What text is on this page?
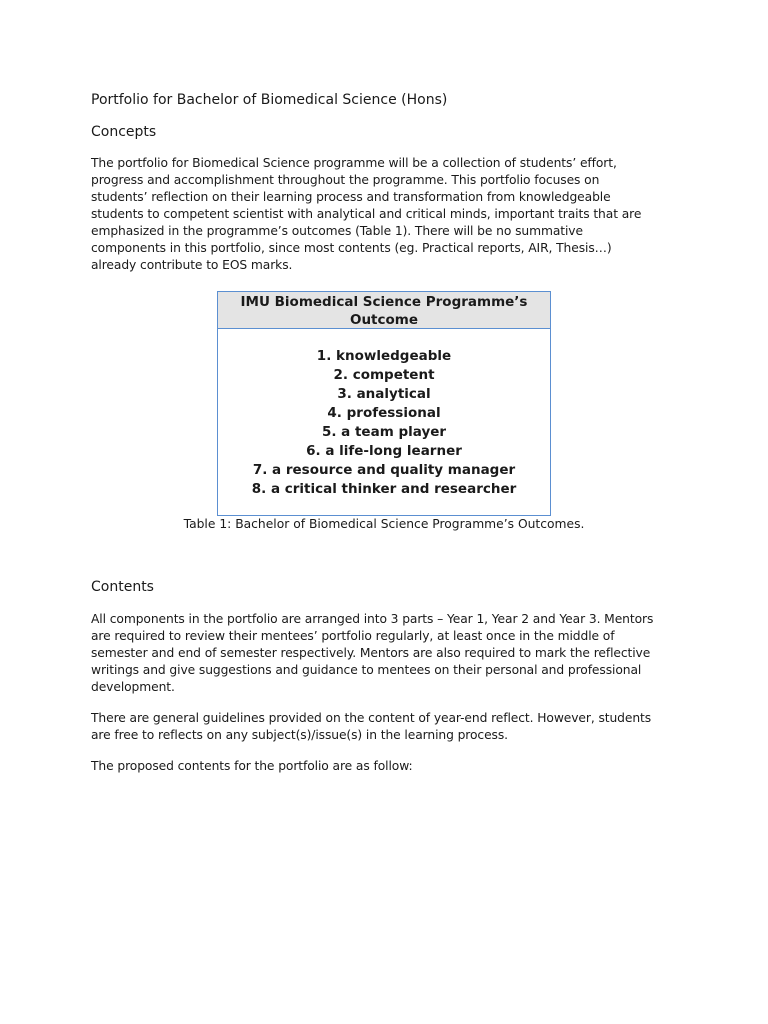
Portfolio for Bachelor of Biomedical Science (Hons)

Concepts

The portfolio for Biomedical Science programme will be a collection of students’ effort,
progress and accomplishment throughout the programme. This portfolio focuses on
students’ reflection on their learning process and transformation from knowledgeable
students to competent scientist with analytical and critical minds, important traits that are
emphasized in the programme’s outcomes (Table 1). There will be no summative
components in this portfolio, since most contents (eg. Practical reports, AIR, Thesis…)
already contribute to EOS marks.

IMU Biomedical Science Programme’s
Outcome
1. knowledgeable
2. competent
3. analytical
4. professional
5. a team player
6. a life-long learner
7. a resource and quality manager
8. a critical thinker and researcher

Table 1: Bachelor of Biomedical Science Programme’s Outcomes.

Contents

All components in the portfolio are arranged into 3 parts – Year 1, Year 2 and Year 3. Mentors
are required to review their mentees’ portfolio regularly, at least once in the middle of
semester and end of semester respectively. Mentors are also required to mark the reflective
writings and give suggestions and guidance to mentees on their personal and professional
development.

There are general guidelines provided on the content of year-end reflect. However, students
are free to reflects on any subject(s)/issue(s) in the learning process.

The proposed contents for the portfolio are as follow:
